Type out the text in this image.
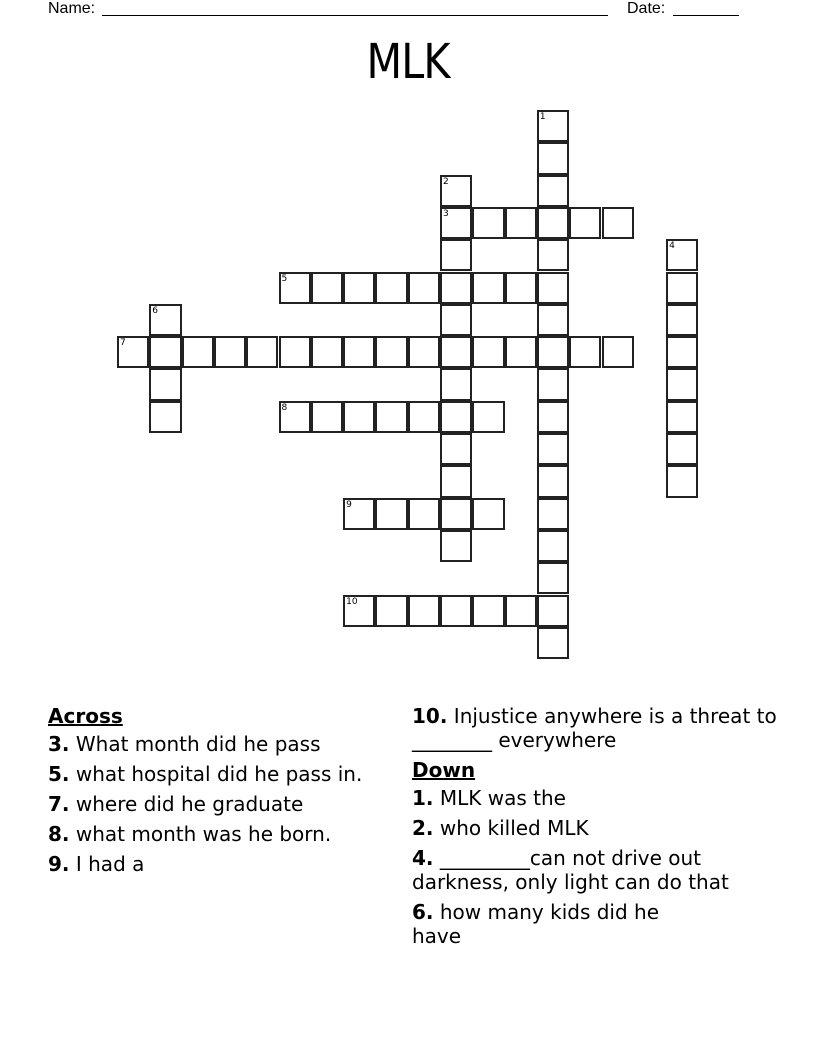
Name:	Date:
MLK
1
2
3
4
5
6
7
8
9
10
Across
3. What month did he pass
5. what hospital did he pass in.
7. where did he graduate
8. what month was he born.
9. I had a
10. Injustice anywhere is a threat to ________ everywhere
Down
1. MLK was the
2. who killed MLK
4. _________can not drive out darkness, only light can do that
6. how many kids did he have
